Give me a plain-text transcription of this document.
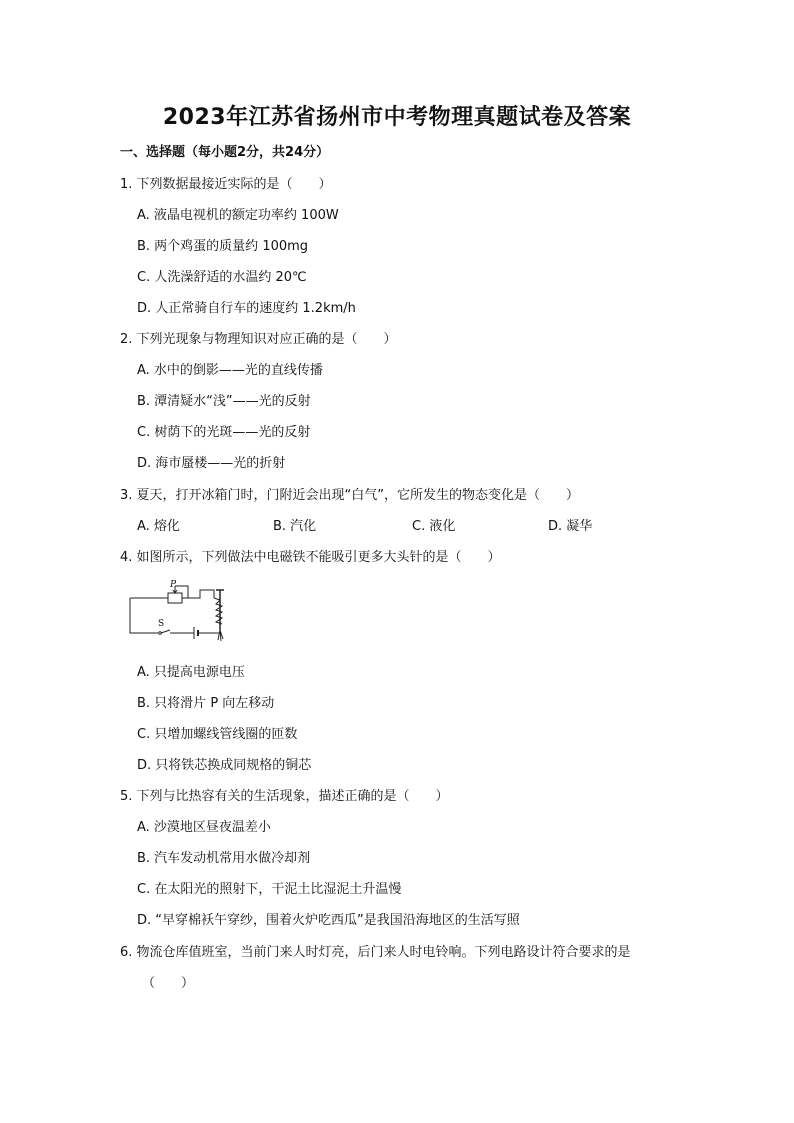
2023年江苏省扬州市中考物理真题试卷及答案
一、选择题（每小题2分，共24分）
1. 下列数据最接近实际的是（　　）
A. 液晶电视机的额定功率约 100W
B. 两个鸡蛋的质量约 100mg
C. 人洗澡舒适的水温约 20℃
D. 人正常骑自行车的速度约 1.2km/h
2. 下列光现象与物理知识对应正确的是（　　）
A. 水中的倒影——光的直线传播
B. 潭清疑水“浅”——光的反射
C. 树荫下的光斑——光的反射
D. 海市蜃楼——光的折射
3. 夏天，打开冰箱门时，门附近会出现“白气”，它所发生的物态变化是（　　）
A. 熔化	B. 汽化	C. 液化	D. 凝华
4. 如图所示，下列做法中电磁铁不能吸引更多大头针的是（　　）
P
S
A. 只提高电源电压
B. 只将滑片 P 向左移动
C. 只增加螺线管线圈的匝数
D. 只将铁芯换成同规格的铜芯
5. 下列与比热容有关的生活现象，描述正确的是（　　）
A. 沙漠地区昼夜温差小
B. 汽车发动机常用水做冷却剂
C. 在太阳光的照射下，干泥土比湿泥土升温慢
D. “早穿棉袄午穿纱，围着火炉吃西瓜”是我国沿海地区的生活写照
6. 物流仓库值班室，当前门来人时灯亮，后门来人时电铃响。下列电路设计符合要求的是
（　　）
